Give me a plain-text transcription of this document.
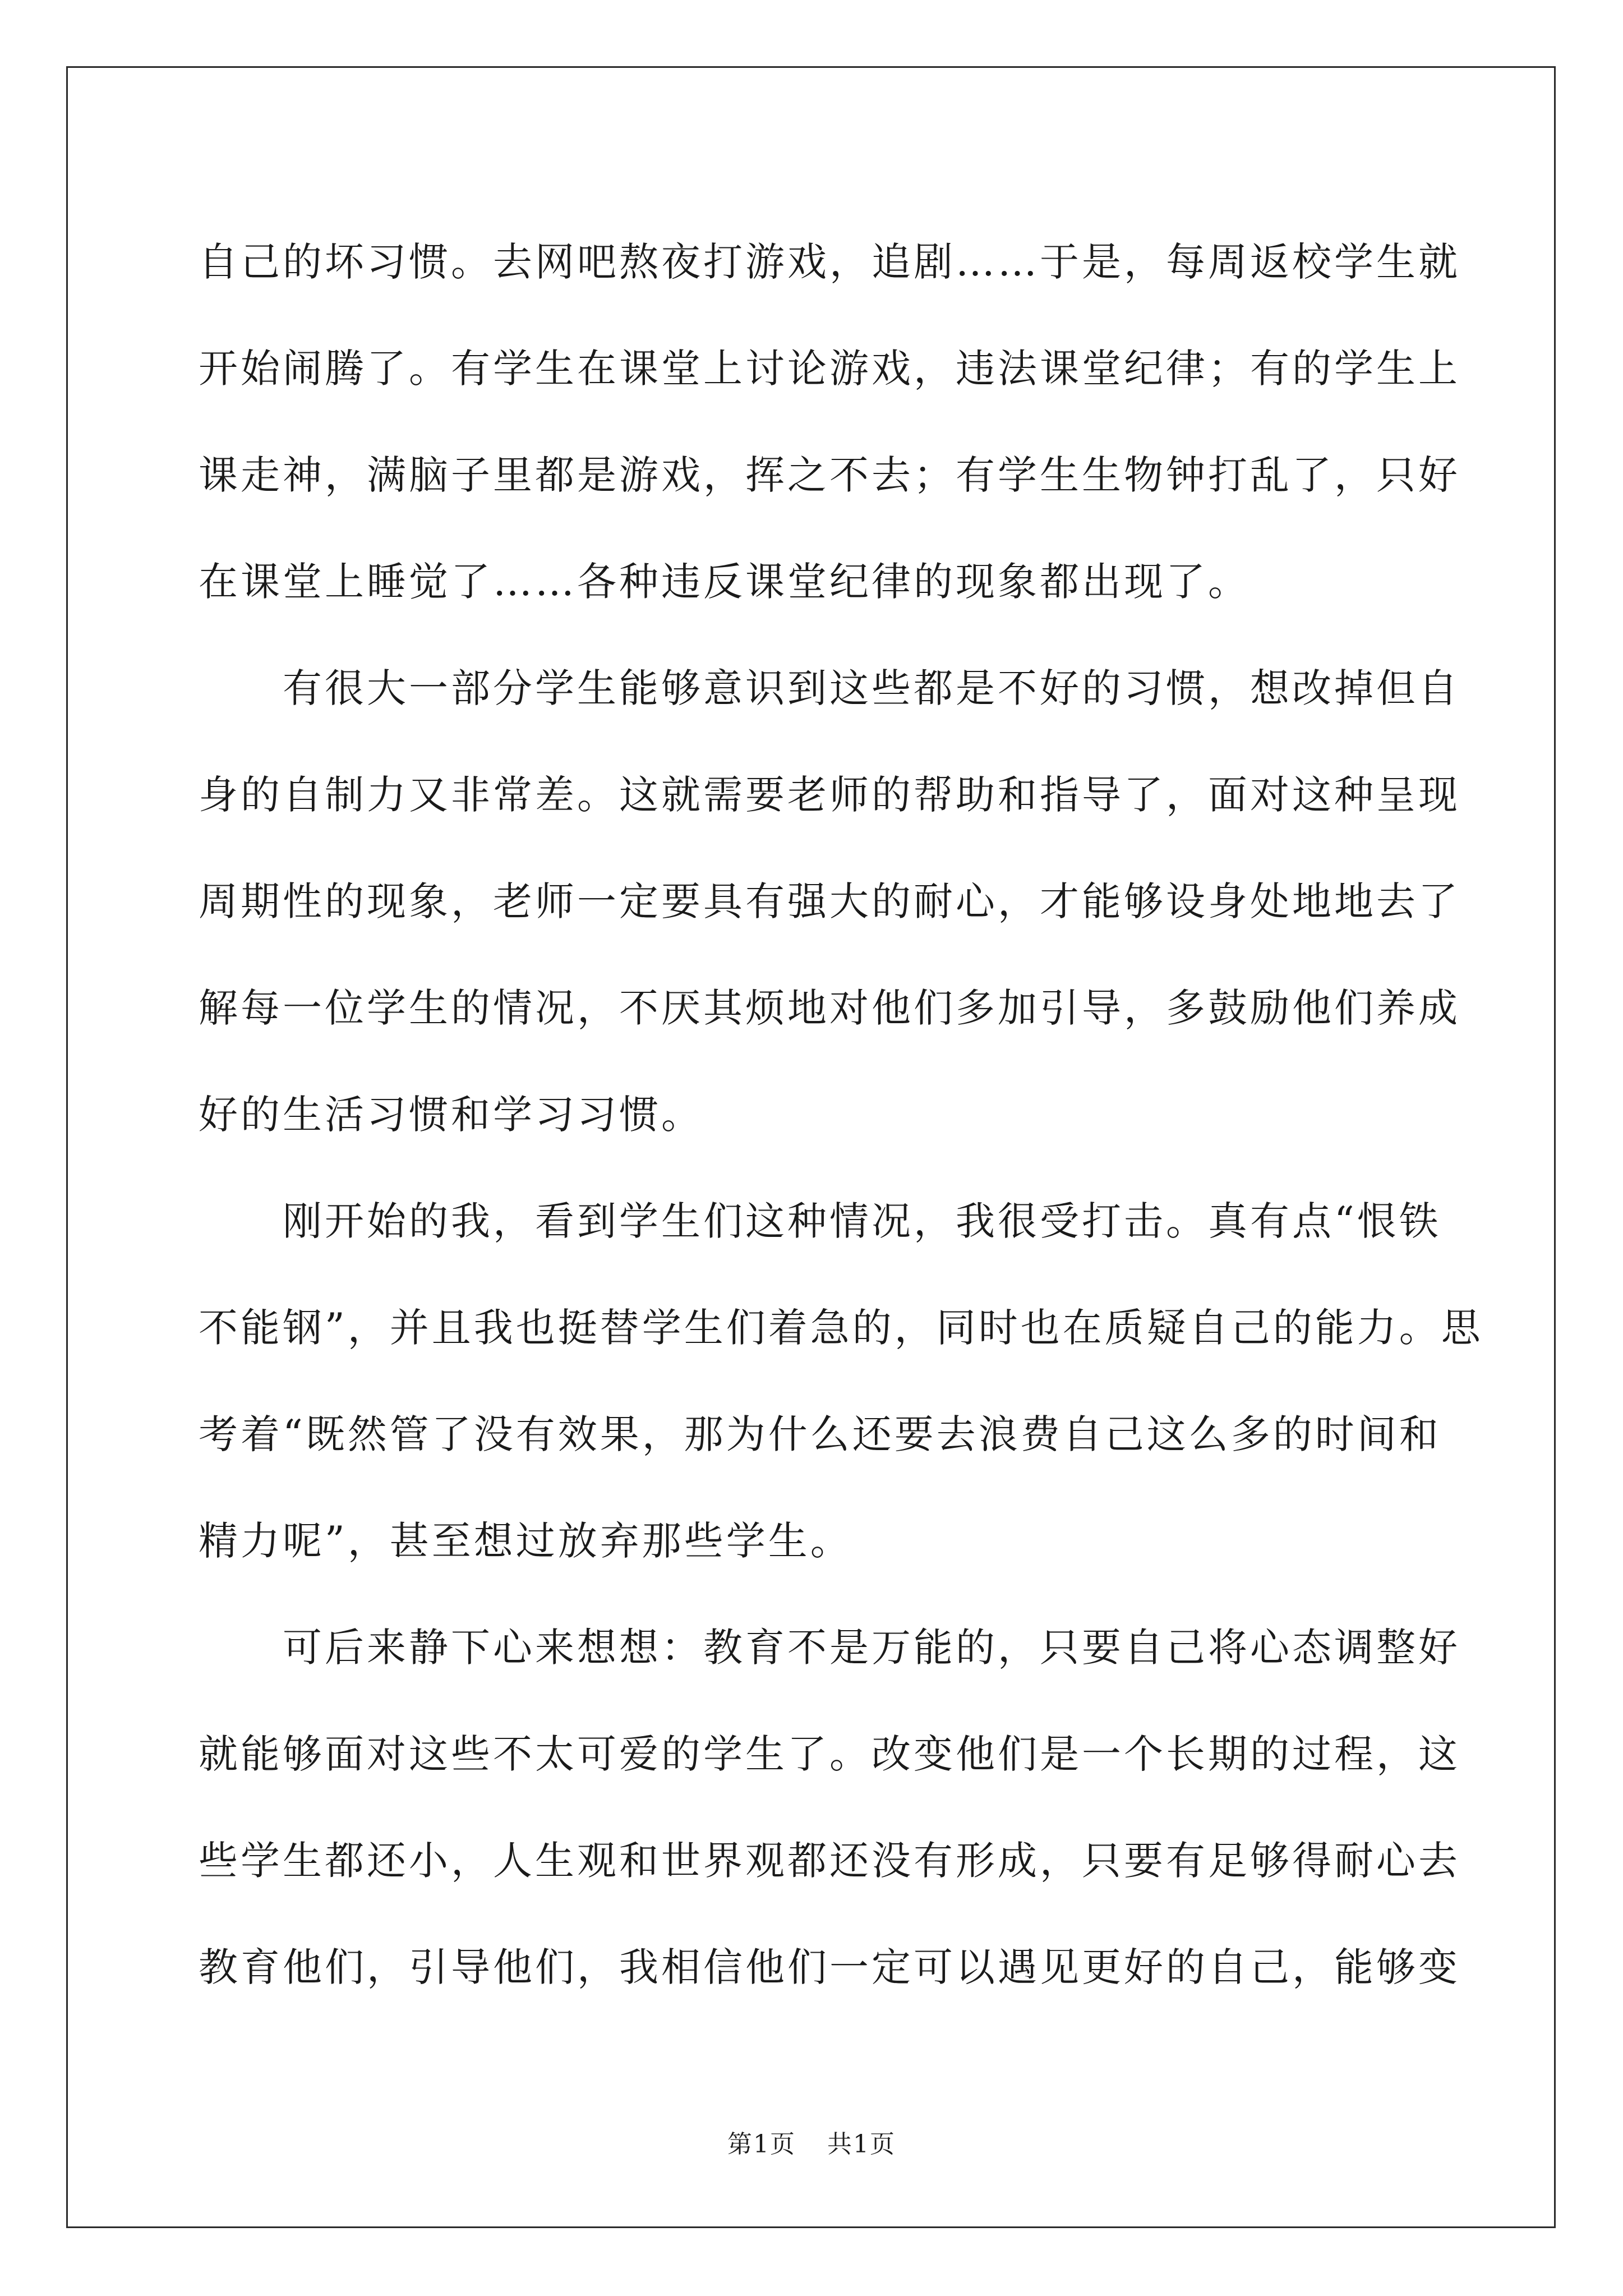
自己的坏习惯。去网吧熬夜打游戏，追剧……于是，每周返校学生就
开始闹腾了。有学生在课堂上讨论游戏，违法课堂纪律；有的学生上
课走神，满脑子里都是游戏，挥之不去；有学生生物钟打乱了，只好
在课堂上睡觉了……各种违反课堂纪律的现象都出现了。

有很大一部分学生能够意识到这些都是不好的习惯，想改掉但自
身的自制力又非常差。这就需要老师的帮助和指导了，面对这种呈现
周期性的现象，老师一定要具有强大的耐心，才能够设身处地地去了
解每一位学生的情况，不厌其烦地对他们多加引导，多鼓励他们养成
好的生活习惯和学习习惯。

刚开始的我，看到学生们这种情况，我很受打击。真有点“恨铁
不能钢”，并且我也挺替学生们着急的，同时也在质疑自己的能力。思
考着“既然管了没有效果，那为什么还要去浪费自己这么多的时间和
精力呢”，甚至想过放弃那些学生。

可后来静下心来想想：教育不是万能的，只要自己将心态调整好
就能够面对这些不太可爱的学生了。改变他们是一个长期的过程，这
些学生都还小，人生观和世界观都还没有形成，只要有足够得耐心去
教育他们，引导他们，我相信他们一定可以遇见更好的自己，能够变

第1页 共1页
